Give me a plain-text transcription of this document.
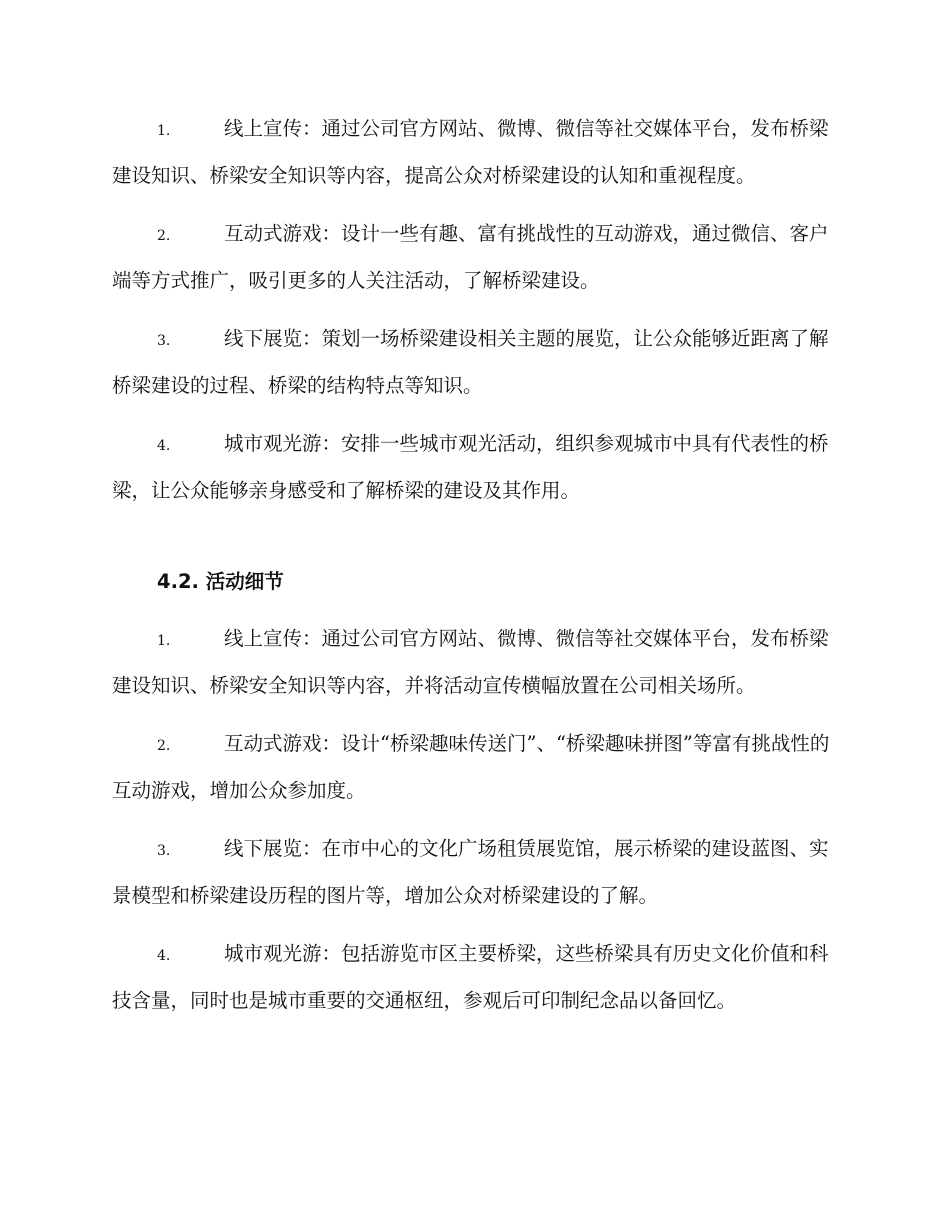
1.	线上宣传：通过公司官方网站、微博、微信等社交媒体平台，发布桥梁建设知识、桥梁安全知识等内容，提高公众对桥梁建设的认知和重视程度。

2.	互动式游戏：设计一些有趣、富有挑战性的互动游戏，通过微信、客户端等方式推广，吸引更多的人关注活动，了解桥梁建设。

3.	线下展览：策划一场桥梁建设相关主题的展览，让公众能够近距离了解桥梁建设的过程、桥梁的结构特点等知识。

4.	城市观光游：安排一些城市观光活动，组织参观城市中具有代表性的桥梁，让公众能够亲身感受和了解桥梁的建设及其作用。

4.2. 活动细节

1.	线上宣传：通过公司官方网站、微博、微信等社交媒体平台，发布桥梁建设知识、桥梁安全知识等内容，并将活动宣传横幅放置在公司相关场所。

2.	互动式游戏：设计“桥梁趣味传送门”、“桥梁趣味拼图”等富有挑战性的互动游戏，增加公众参加度。

3.	线下展览：在市中心的文化广场租赁展览馆，展示桥梁的建设蓝图、实景模型和桥梁建设历程的图片等，增加公众对桥梁建设的了解。

4.	城市观光游：包括游览市区主要桥梁，这些桥梁具有历史文化价值和科技含量，同时也是城市重要的交通枢纽，参观后可印制纪念品以备回忆。
